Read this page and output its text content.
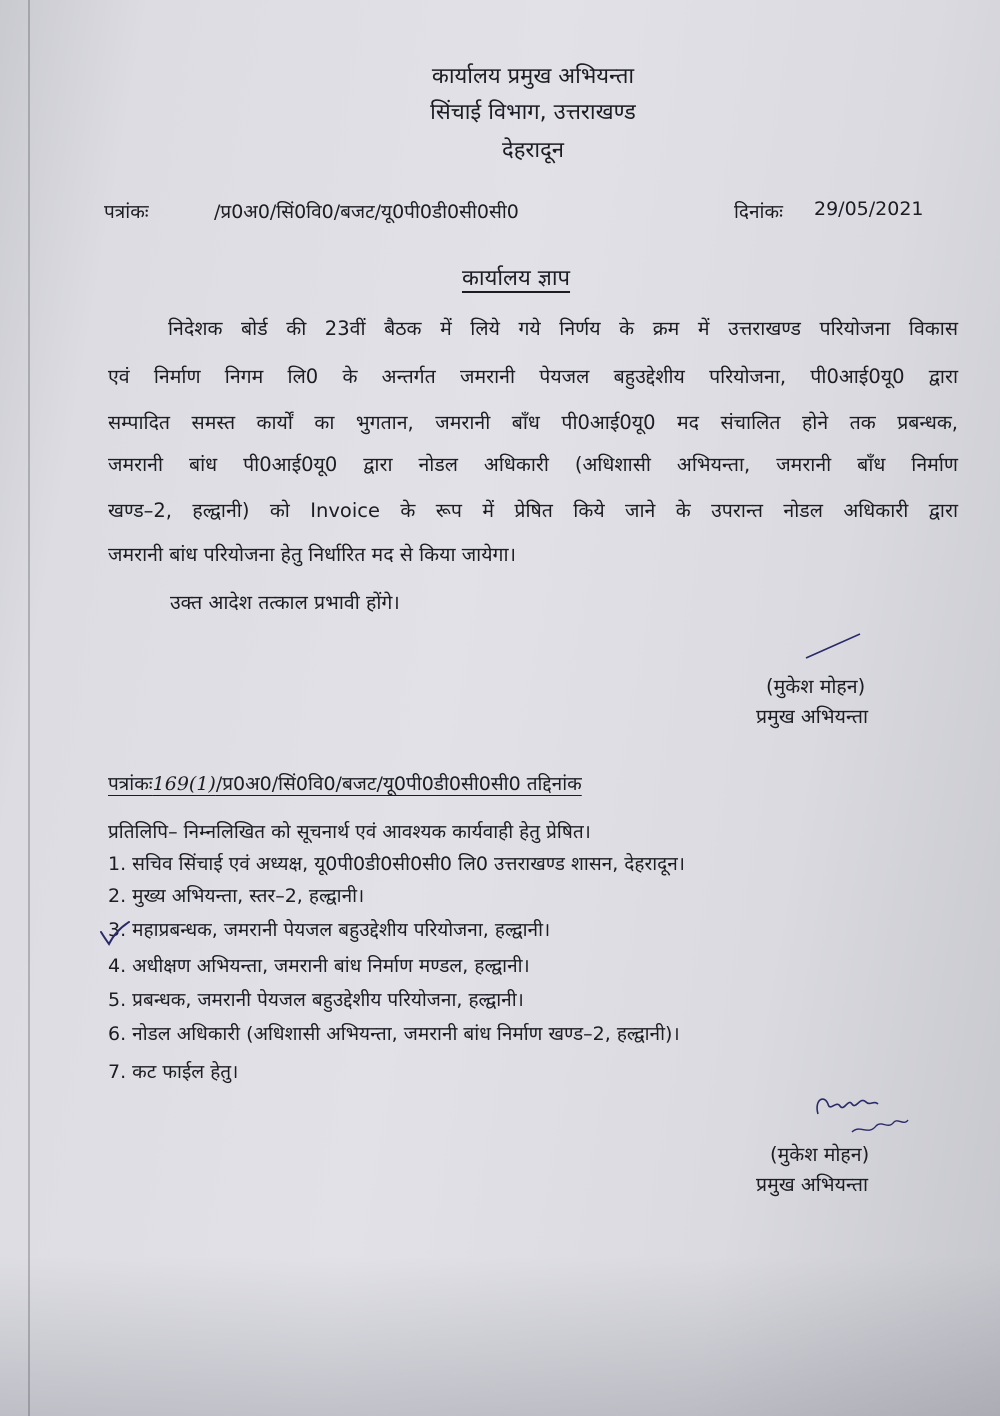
कार्यालय प्रमुख अभियन्ता
सिंचाई विभाग, उत्तराखण्ड
देहरादून
पत्रांकः	/प्र0अ0/सिं0वि0/बजट/यू0पी0डी0सी0सी0	दिनांकः 29/05/2021
कार्यालय ज्ञाप
निदेशक बोर्ड की 23वीं बैठक में लिये गये निर्णय के क्रम में उत्तराखण्ड परियोजना विकास
एवं निर्माण निगम लि0 के अन्तर्गत जमरानी पेयजल बहुउद्देशीय परियोजना, पी0आई0यू0 द्वारा
सम्पादित समस्त कार्यों का भुगतान, जमरानी बाँध पी0आई0यू0 मद संचालित होने तक प्रबन्धक,
जमरानी बांध पी0आई0यू0 द्वारा नोडल अधिकारी (अधिशासी अभियन्ता, जमरानी बाँध निर्माण
खण्ड–2, हल्द्वानी) को Invoice के रूप में प्रेषित किये जाने के उपरान्त नोडल अधिकारी द्वारा
जमरानी बांध परियोजना हेतु निर्धारित मद से किया जायेगा।
उक्त आदेश तत्काल प्रभावी होंगे।
(मुकेश मोहन)
प्रमुख अभियन्ता
पत्रांकः169(1)/प्र0अ0/सिं0वि0/बजट/यू0पी0डी0सी0सी0 तद्दिनांक
प्रतिलिपि– निम्नलिखित को सूचनार्थ एवं आवश्यक कार्यवाही हेतु प्रेषित।
1. सचिव सिंचाई एवं अध्यक्ष, यू0पी0डी0सी0सी0 लि0 उत्तराखण्ड शासन, देहरादून।
2. मुख्य अभियन्ता, स्तर–2, हल्द्वानी।
3. महाप्रबन्धक, जमरानी पेयजल बहुउद्देशीय परियोजना, हल्द्वानी।
4. अधीक्षण अभियन्ता, जमरानी बांध निर्माण मण्डल, हल्द्वानी।
5. प्रबन्धक, जमरानी पेयजल बहुउद्देशीय परियोजना, हल्द्वानी।
6. नोडल अधिकारी (अधिशासी अभियन्ता, जमरानी बांध निर्माण खण्ड–2, हल्द्वानी)।
7. कट फाईल हेतु।
(मुकेश मोहन)
प्रमुख अभियन्ता
